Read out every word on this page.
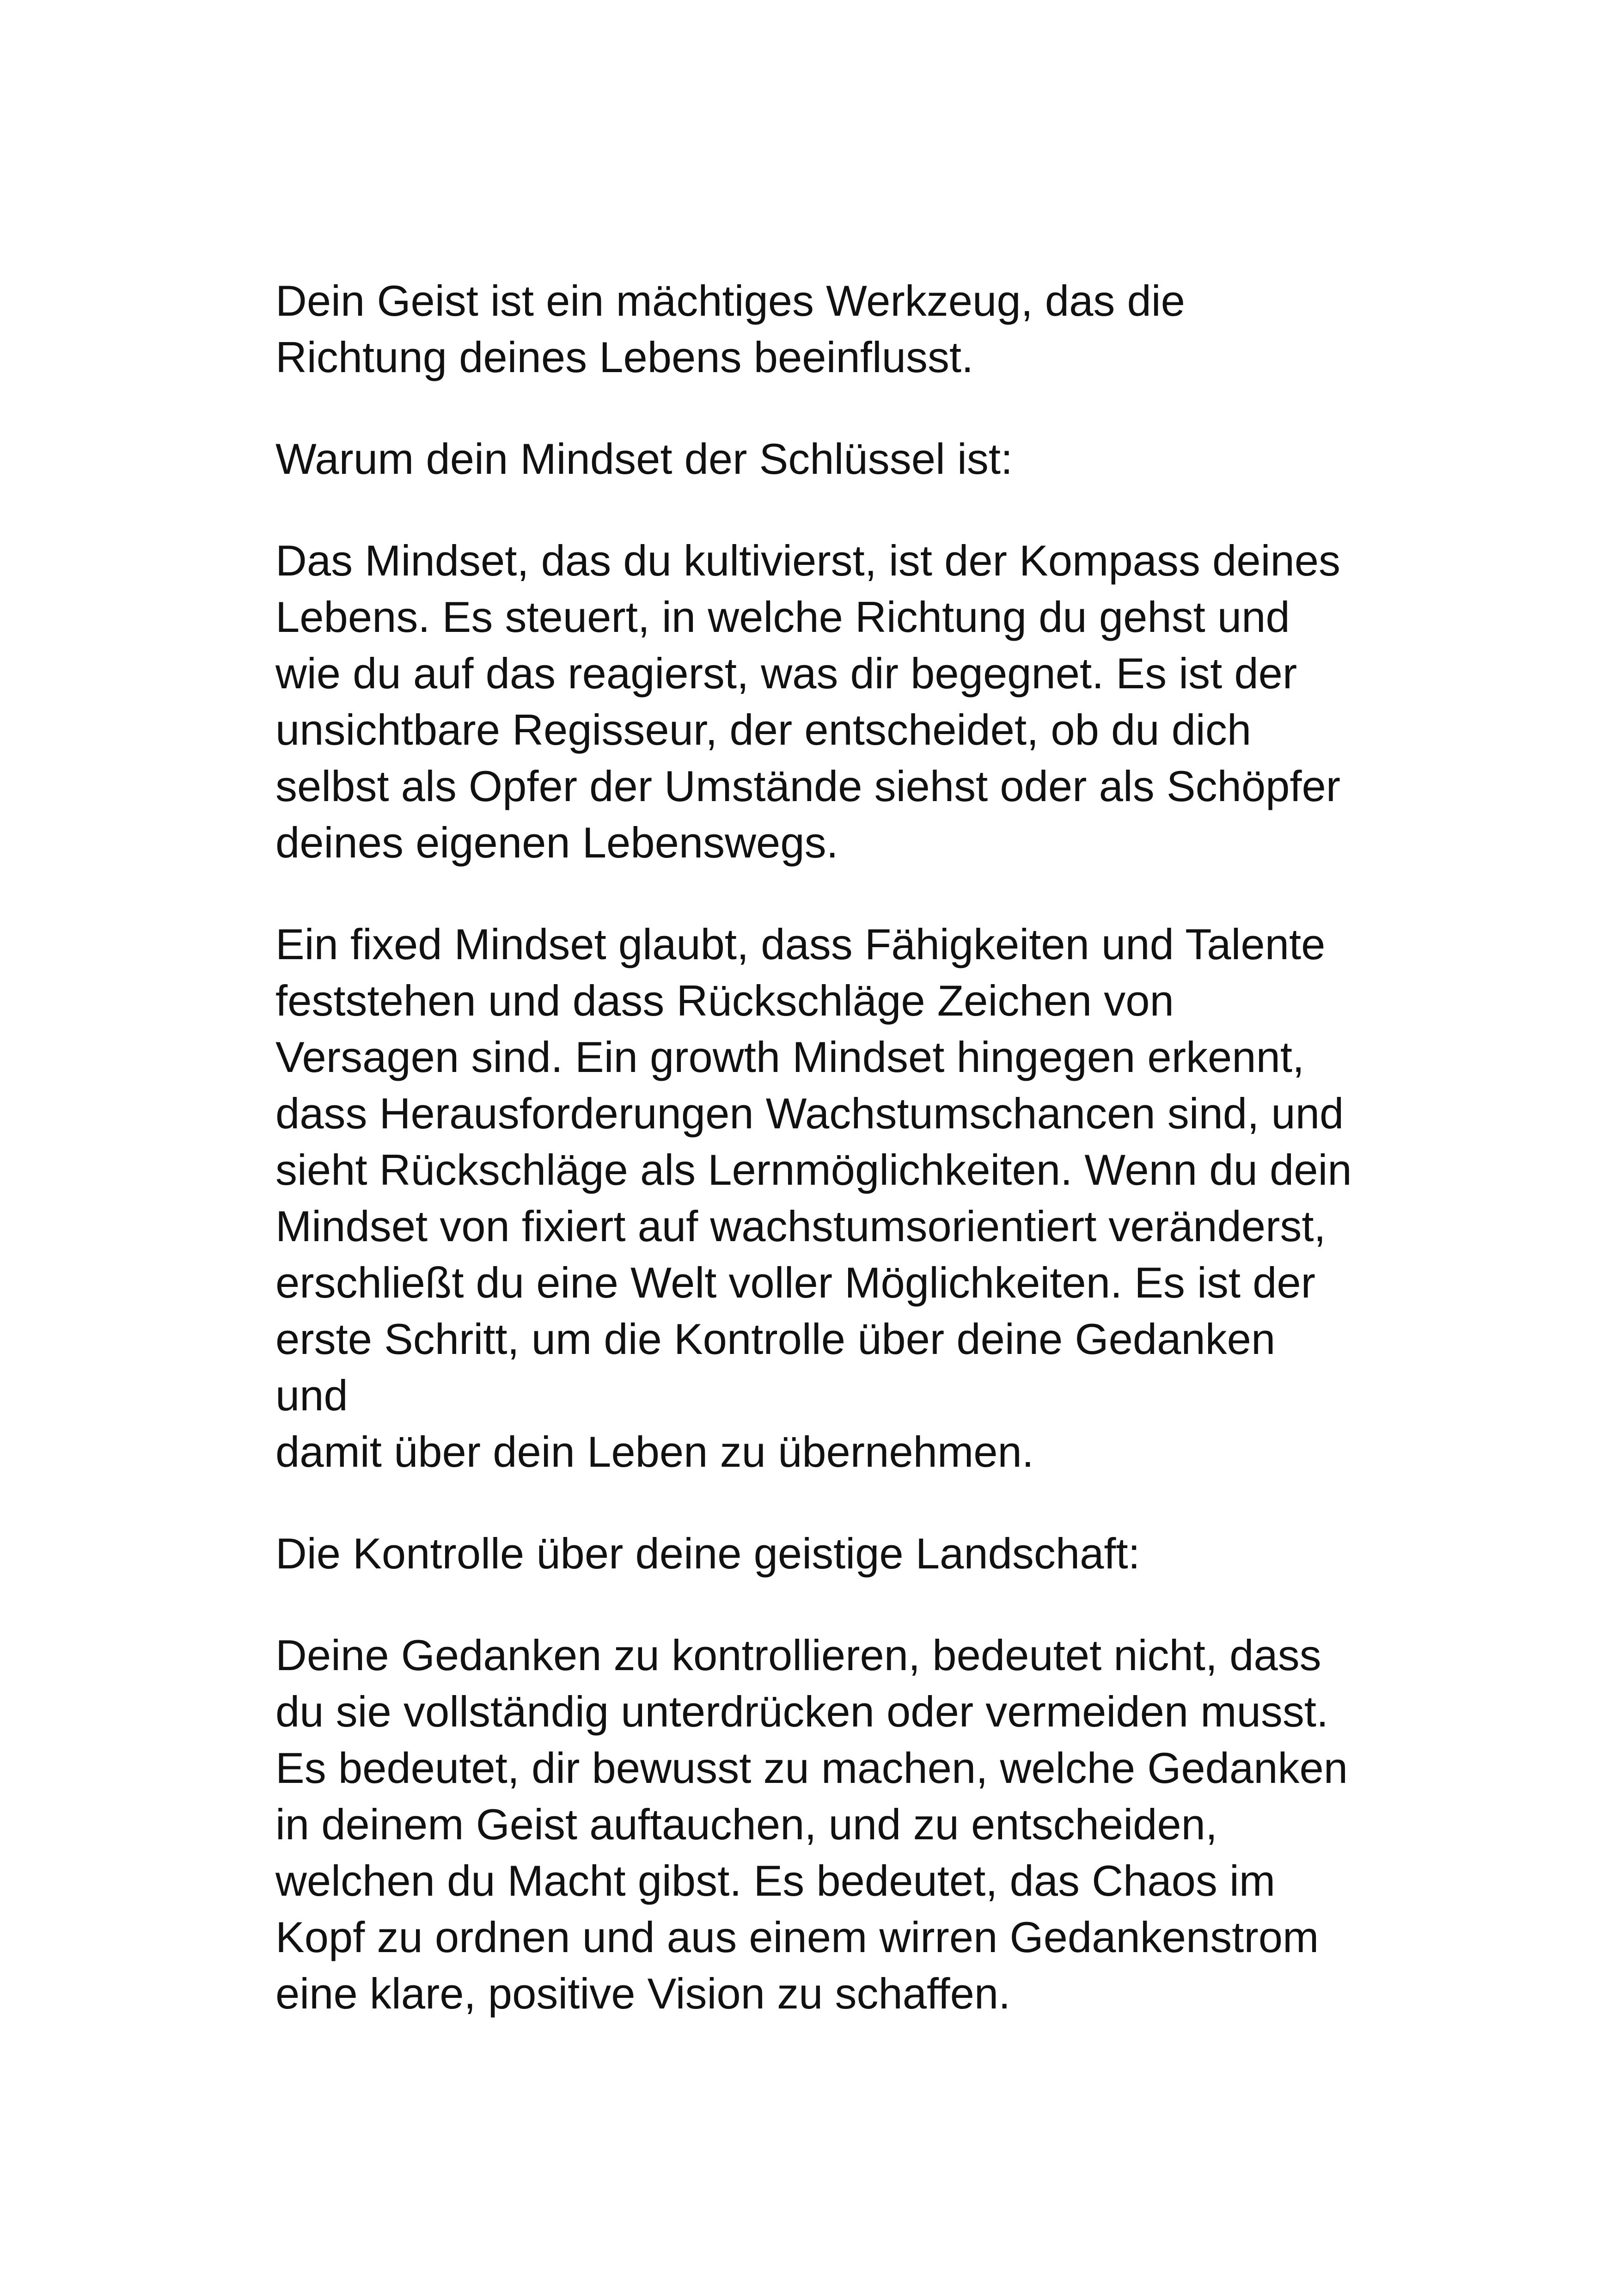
Dein Geist ist ein mächtiges Werkzeug, das die
Richtung deines Lebens beeinflusst.

Warum dein Mindset der Schlüssel ist:

Das Mindset, das du kultivierst, ist der Kompass deines
Lebens. Es steuert, in welche Richtung du gehst und
wie du auf das reagierst, was dir begegnet. Es ist der
unsichtbare Regisseur, der entscheidet, ob du dich
selbst als Opfer der Umstände siehst oder als Schöpfer
deines eigenen Lebenswegs.

Ein fixed Mindset glaubt, dass Fähigkeiten und Talente
feststehen und dass Rückschläge Zeichen von
Versagen sind. Ein growth Mindset hingegen erkennt,
dass Herausforderungen Wachstumschancen sind, und
sieht Rückschläge als Lernmöglichkeiten. Wenn du dein
Mindset von fixiert auf wachstumsorientiert veränderst,
erschließt du eine Welt voller Möglichkeiten. Es ist der
erste Schritt, um die Kontrolle über deine Gedanken und
damit über dein Leben zu übernehmen.

Die Kontrolle über deine geistige Landschaft:

Deine Gedanken zu kontrollieren, bedeutet nicht, dass
du sie vollständig unterdrücken oder vermeiden musst.
Es bedeutet, dir bewusst zu machen, welche Gedanken
in deinem Geist auftauchen, und zu entscheiden,
welchen du Macht gibst. Es bedeutet, das Chaos im
Kopf zu ordnen und aus einem wirren Gedankenstrom
eine klare, positive Vision zu schaffen.
